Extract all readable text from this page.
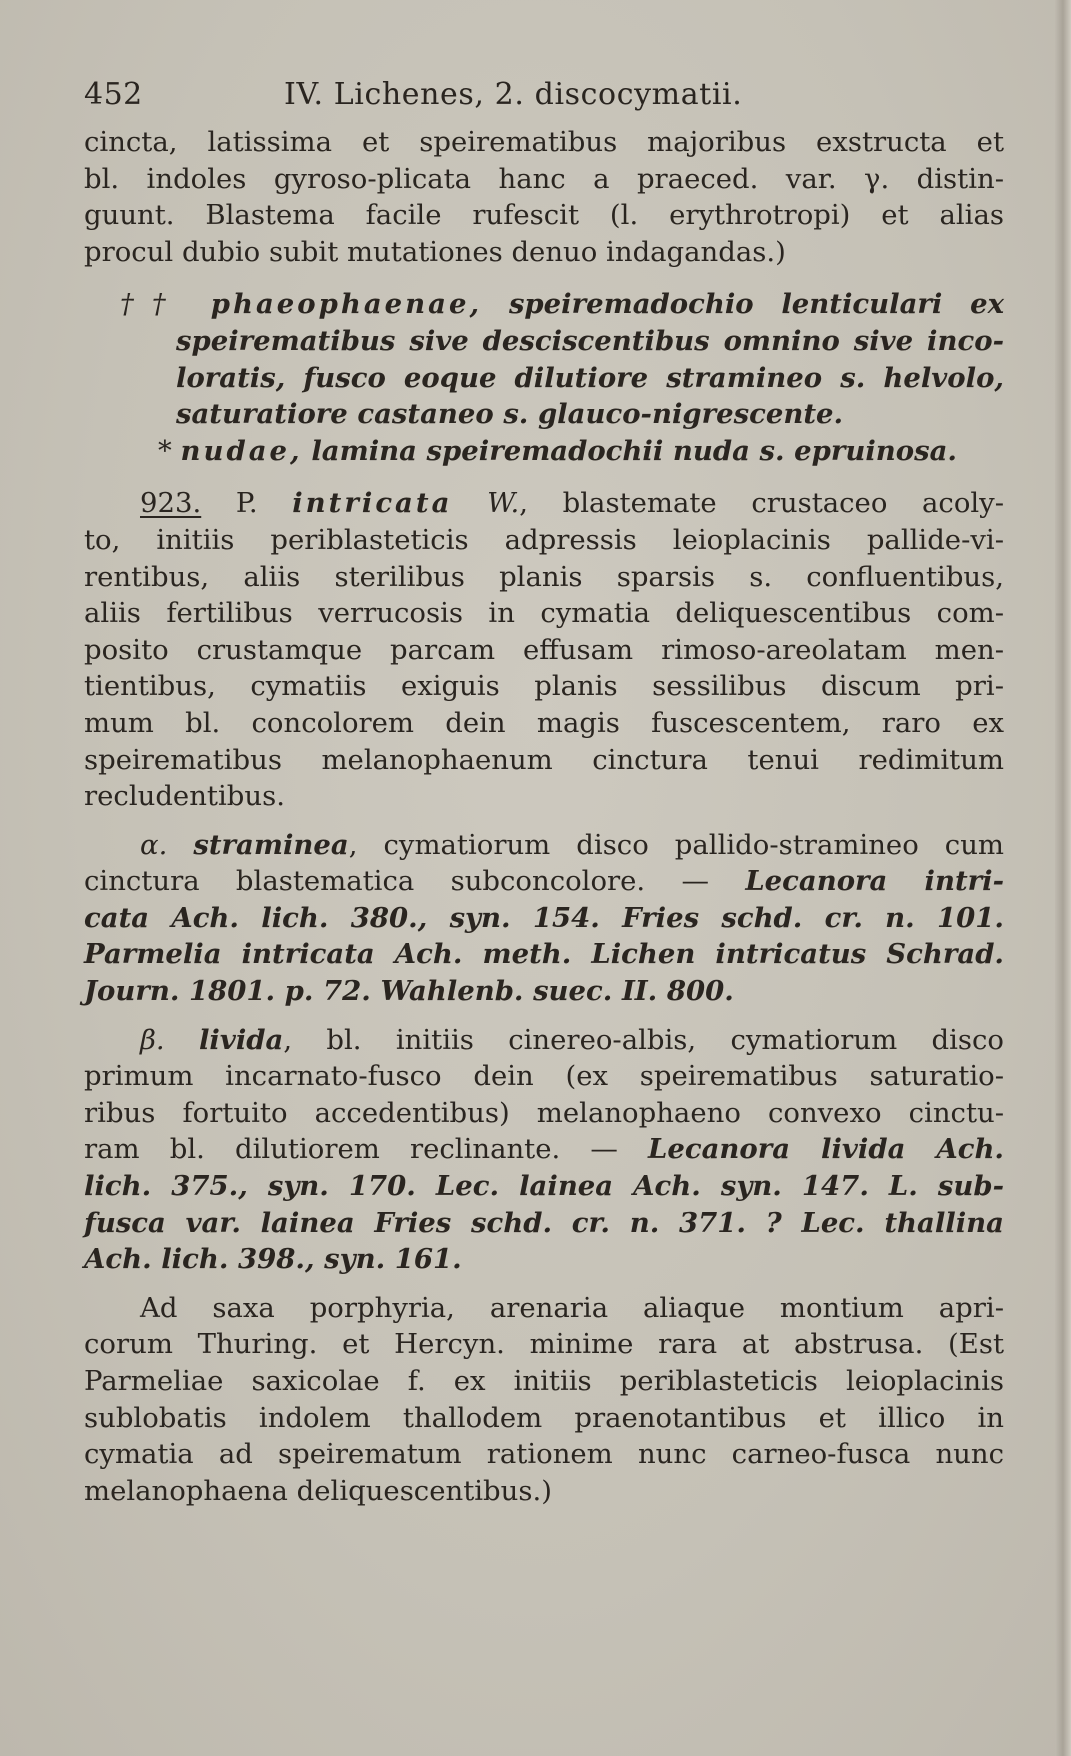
452	IV. Lichenes, 2. discocymatii.
cincta, latissima et speirematibus majoribus exstructa et
bl. indoles gyroso-plicata hanc a praeced. var. γ. distin-
guunt. Blastema facile rufescit (l. erythrotropi) et alias
procul dubio subit mutationes denuo indagandas.)
†† phaeophaenae, speiremadochio lenticulari ex
speirematibus sive desciscentibus omnino sive inco-
loratis, fusco eoque dilutiore stramineo s. helvolo,
saturatiore castaneo s. glauco-nigrescente.
* nudae, lamina speiremadochii nuda s. epruinosa.
923. P. intricata W., blastemate crustaceo acoly-
to, initiis periblasteticis adpressis leioplacinis pallide-vi-
rentibus, aliis sterilibus planis sparsis s. confluentibus,
aliis fertilibus verrucosis in cymatia deliquescentibus com-
posito crustamque parcam effusam rimoso-areolatam men-
tientibus, cymatiis exiguis planis sessilibus discum pri-
mum bl. concolorem dein magis fuscescentem, raro ex
speirematibus melanophaenum cinctura tenui redimitum
recludentibus.
α. straminea, cymatiorum disco pallido-stramineo cum
cinctura blastematica subconcolore. — Lecanora intri-
cata Ach. lich. 380., syn. 154. Fries schd. cr. n. 101.
Parmelia intricata Ach. meth. Lichen intricatus Schrad.
Journ. 1801. p. 72. Wahlenb. suec. II. 800.
β. livida, bl. initiis cinereo-albis, cymatiorum disco
primum incarnato-fusco dein (ex speirematibus saturatio-
ribus fortuito accedentibus) melanophaeno convexo cinctu-
ram bl. dilutiorem reclinante. — Lecanora livida Ach.
lich. 375., syn. 170. Lec. lainea Ach. syn. 147. L. sub-
fusca var. lainea Fries schd. cr. n. 371. ? Lec. thallina
Ach. lich. 398., syn. 161.
Ad saxa porphyria, arenaria aliaque montium apri-
corum Thuring. et Hercyn. minime rara at abstrusa. (Est
Parmeliae saxicolae f. ex initiis periblasteticis leioplacinis
sublobatis indolem thallodem praenotantibus et illico in
cymatia ad speirematum rationem nunc carneo-fusca nunc
melanophaena deliquescentibus.)
